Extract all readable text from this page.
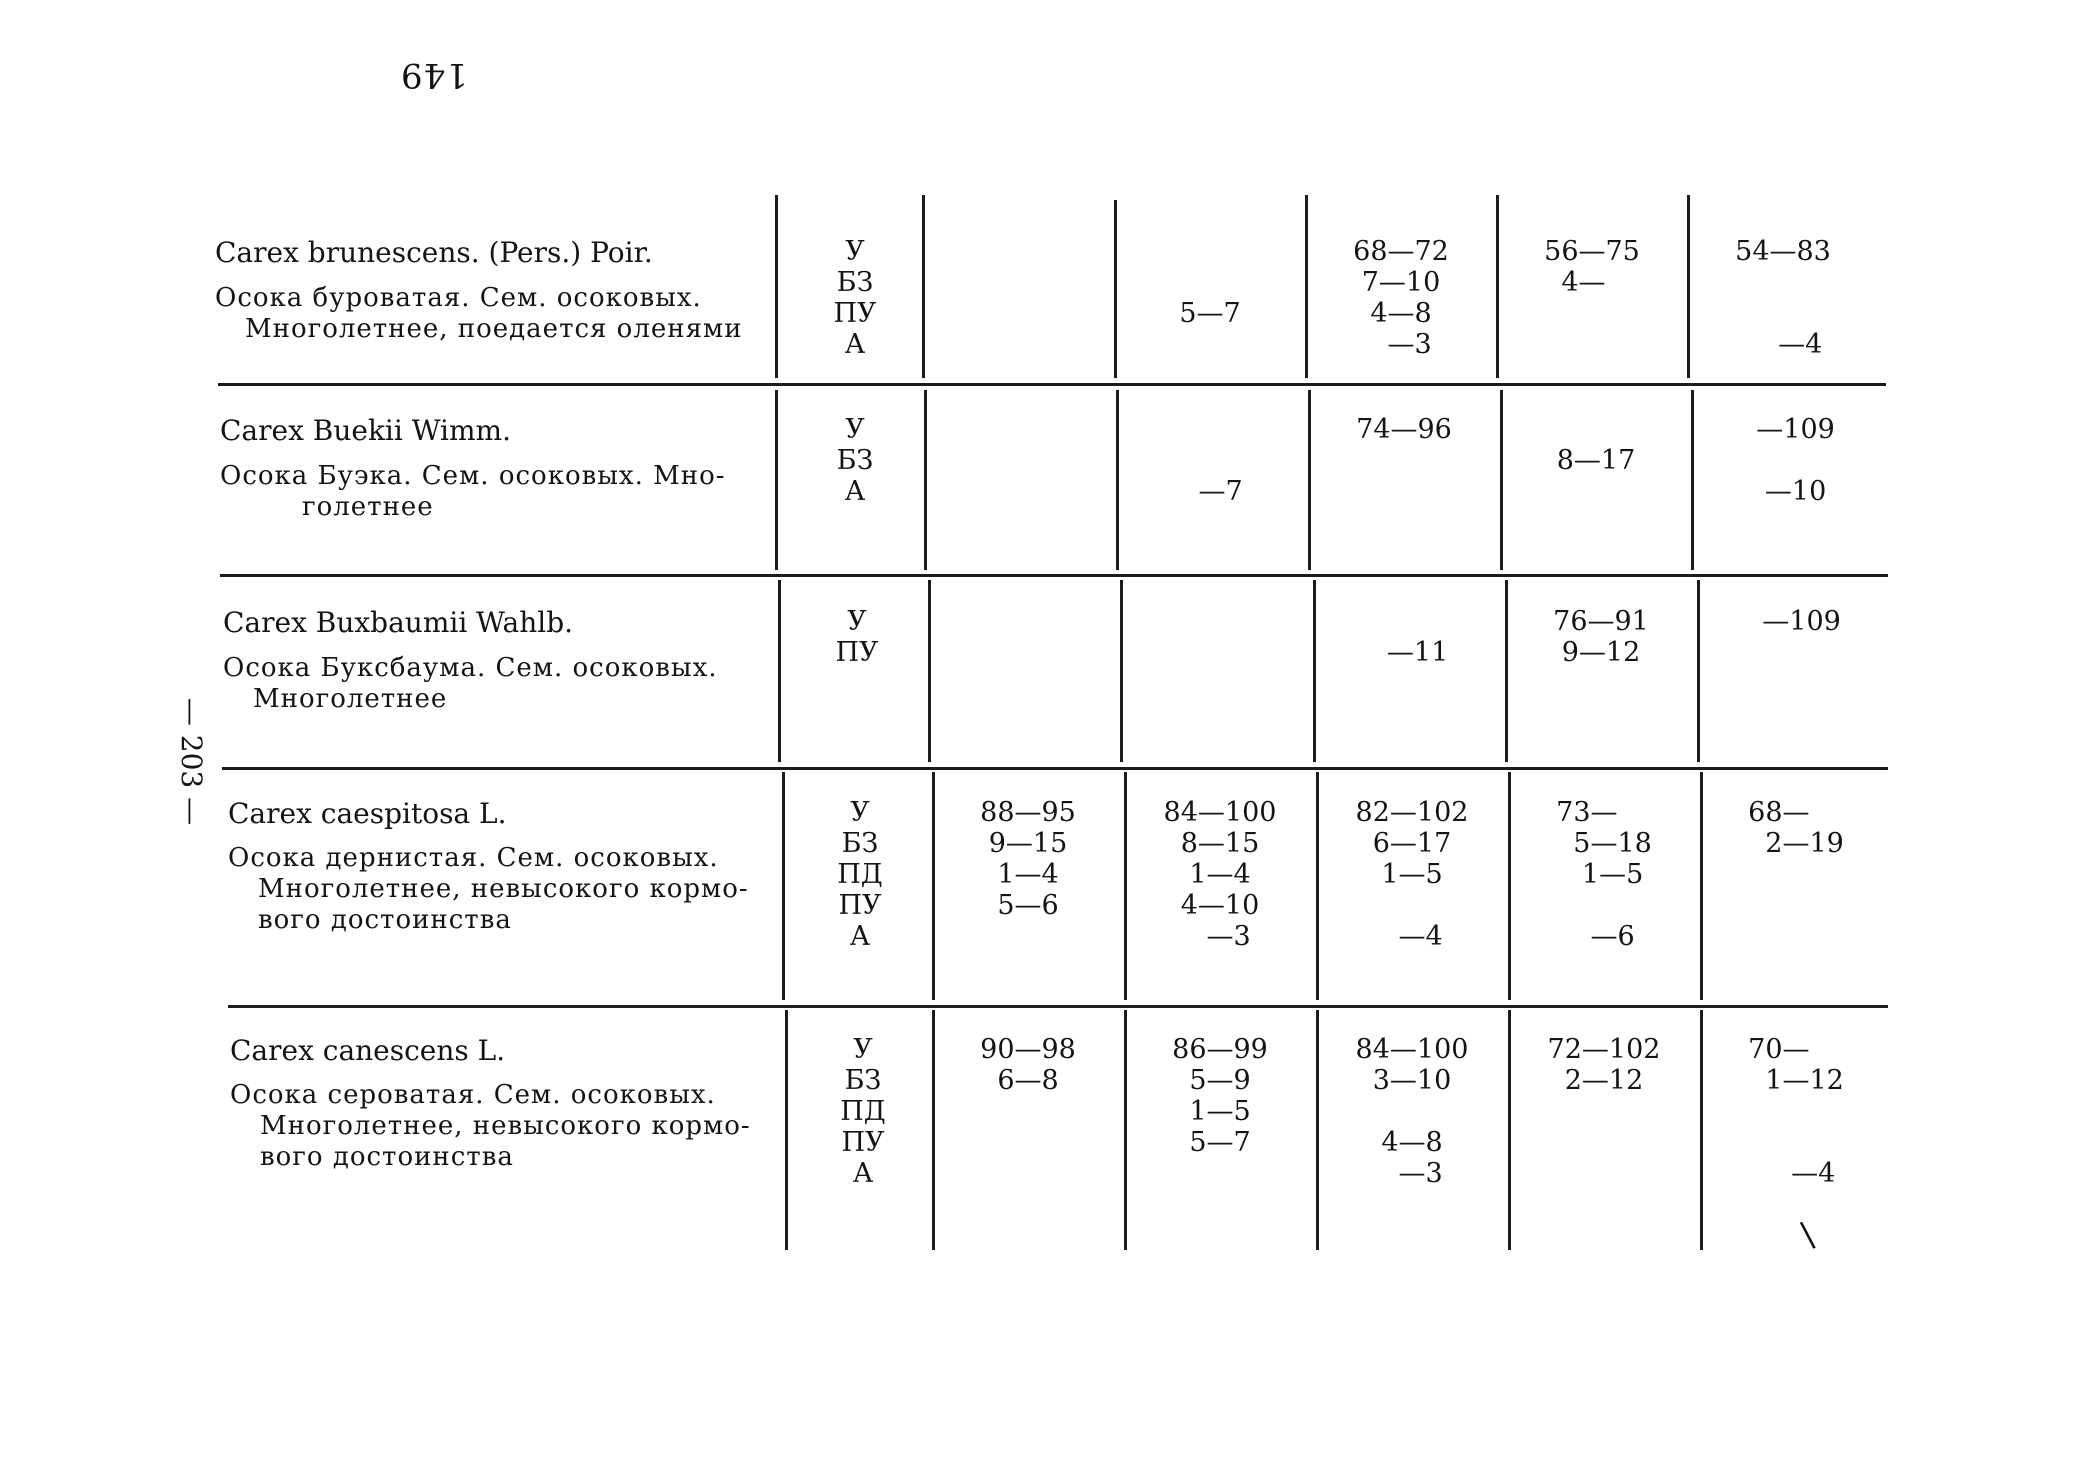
149
— 203 —
Carex brunescens. (Pers.) Poir.
Осока буроватая. Сем. осоковых.
Многолетнее, поедается оленями
У
БЗ
ПУ
А
5—7
68—72
7—10
4—8
—3
56—75
4—
54—83

—4
Carex Buekii Wimm.
Осока Буэка. Сем. осоковых. Мно-
голетнее
У
БЗ
А	

—7
74—96

8—17
—109

—10
Carex Buxbaumii Wahlb.
Осока Буксбаума. Сем. осоковых.
Многолетнее
У
ПУ	
—11
76—91
9—12
—109
Carex caespitosa L.
Осока дернистая. Сем. осоковых.
Многолетнее, невысокого кормо-
вого достоинства
У
БЗ
ПД
ПУ
А
88—95
9—15
1—4
5—6
84—100
8—15
1—4
4—10
—3
82—102
6—17
1—5

—4
73—
5—18
1—5

—6
68—
2—19
Carex canescens L.
Осока сероватая. Сем. осоковых.
Многолетнее, невысокого кормо-
вого достоинства
У
БЗ
ПД
ПУ
А
90—98
6—8
86—99
5—9
1—5
5—7
84—100
3—10

4—8
—3
72—102
2—12
70—
1—12

—4
\
